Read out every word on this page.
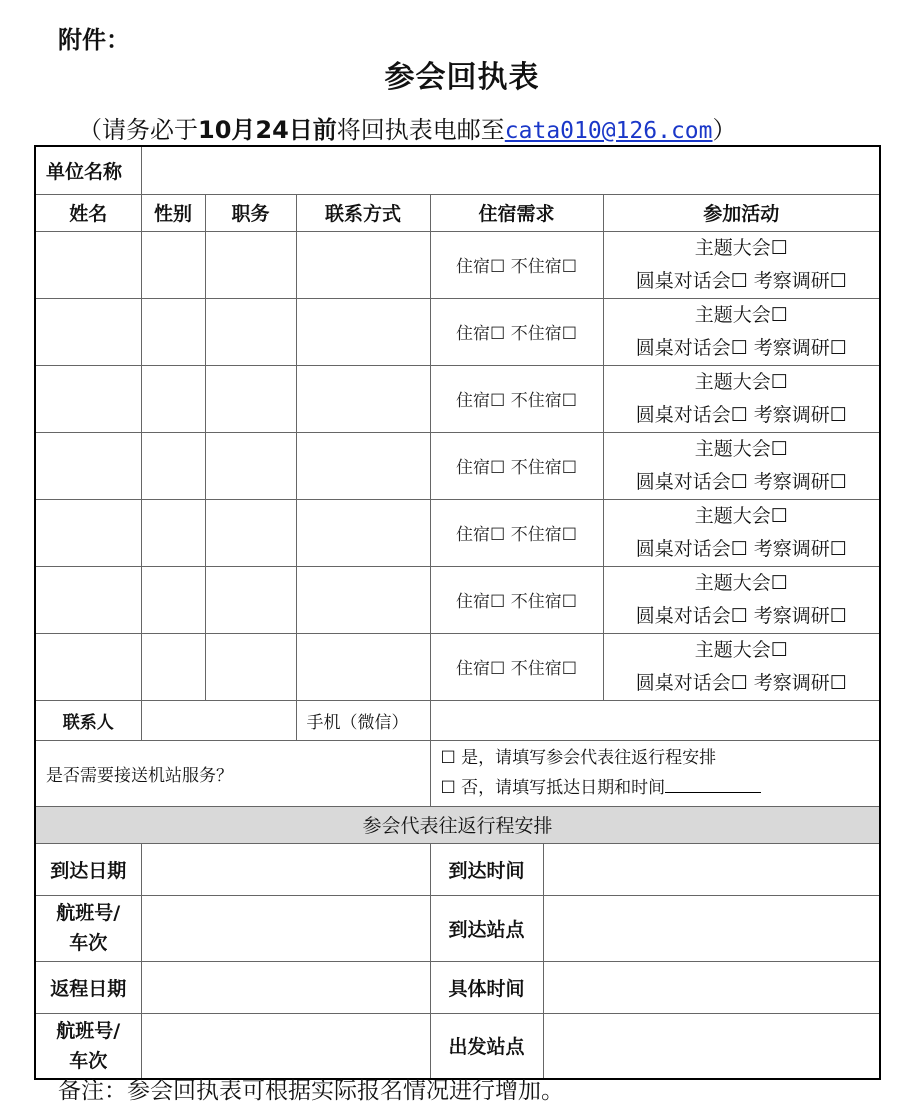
附件：
参会回执表
（请务必于10月24日前将回执表电邮至cata010@126.com）
单位名称						
姓名	性别	职务	联系方式	住宿需求		参加活动
				住宿☐ 不住宿☐		主题大会☐
圆桌对话会☐ 考察调研☐

				住宿☐ 不住宿☐		主题大会☐
圆桌对话会☐ 考察调研☐

				住宿☐ 不住宿☐		主题大会☐
圆桌对话会☐ 考察调研☐

				住宿☐ 不住宿☐		主题大会☐
圆桌对话会☐ 考察调研☐

				住宿☐ 不住宿☐		主题大会☐
圆桌对话会☐ 考察调研☐

				住宿☐ 不住宿☐		主题大会☐
圆桌对话会☐ 考察调研☐

				住宿☐ 不住宿☐		主题大会☐
圆桌对话会☐ 考察调研☐

联系人			手机（微信）			
是否需要接送机站服务？				☐ 是，请填写参会代表往返行程安排
☐ 否，请填写抵达日期和时间		

参会代表往返行程安排						
到达日期				到达时间		

航班号/
车次				到达站点		
返程日期				具体时间		

航班号/
车次				出发站点		
备注：参会回执表可根据实际报名情况进行增加。
